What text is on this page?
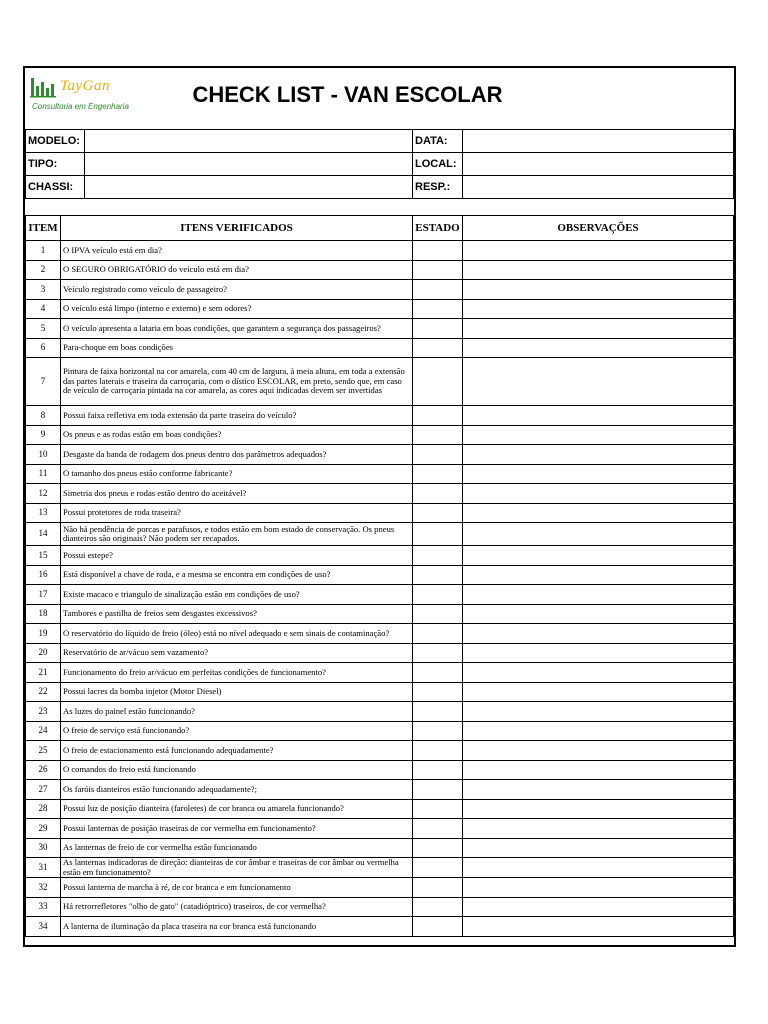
TayGan
Consultoria em Engenharia	CHECK LIST - VAN ESCOLAR
MODELO:		DATA:	
TIPO:		LOCAL:	
CHASSI:		RESP.:	
ITEM	ITENS VERIFICADOS	ESTADO	OBSERVAÇÕES
1	O IPVA veículo está em dia?		
2	O SEGURO OBRIGATÓRIO do veículo está em dia?		
3	Veículo registrado como veículo de passageiro?		
4	O veículo está limpo (interno e externo) e sem odores?		
5	O veículo apresenta a lataria em boas condições, que garantem a segurança dos passageiros?		
6	Para-choque em boas condições		
7	Pintura de faixa horizontal na cor amarela, com 40 cm de largura, à meia altura, em toda a extensão das partes laterais e traseira da carroçaria, com o dístico ESCOLAR, em preto, sendo que, em caso de veículo de carroçaria pintada na cor amarela, as cores aqui indicadas devem ser invertidas		
8	Possui faixa refletiva em toda extensão da parte traseira do veículo?		
9	Os pneus e as rodas estão em boas condições?		
10	Desgaste da banda de rodagem dos pneus dentro dos parâmetros adequados?		
11	O tamanho dos pneus estão conforme fabricante?		
12	Simetria dos pneus e rodas estão dentro do aceitável?		
13	Possui protetores de roda traseira?		
14	Não há pendência de porcas e parafusos, e todos estão em bom estado de conservação. Os pneus dianteiros são originais? Não podem ser recapados.		
15	Possui estepe?		
16	Está disponível a chave de roda, e a mesma se encontra em condições de uso?		
17	Existe macaco e triangulo de sinalização estão em condições de uso?		
18	Tambores e pastilha de freios sem desgastes excessivos?		
19	O reservatório do líquido de freio (óleo) está no nível adequado e sem sinais de contaminação?		
20	Reservatório de ar/vácuo sem vazamento?		
21	Funcionamento do freio ar/vácuo em perfeitas condições de funcionamento?		
22	Possui lacres da bomba injetor (Motor Diesel)		
23	As luzes do painel estão funcionando?		
24	O freio de serviço está funcionando?		
25	O freio de estacionamento está funcionando adequadamente?		
26	O comandos do freio está funcionando		
27	Os faróis dianteiros estão funcionando adequadamente?;		
28	Possui luz de posição dianteira (faroletes) de cor branca ou amarela funcionando?		
29	Possui lanternas de posição traseiras de cor vermelha em funcionamento?		
30	As lanternas de freio de cor vermelha estão funcionando		
31	As lanternas indicadoras de direção: dianteiras de cor âmbar e traseiras de cor âmbar ou vermelha estão em funcionamento?		
32	Possui lanterna de marcha à ré, de cor branca e em funcionamento		
33	Há retrorrefletores "olho de gato" (catadióptrico) traseiros, de cor vermelha?		
34	A lanterna de iluminação da placa traseira na cor branca está funcionando		
